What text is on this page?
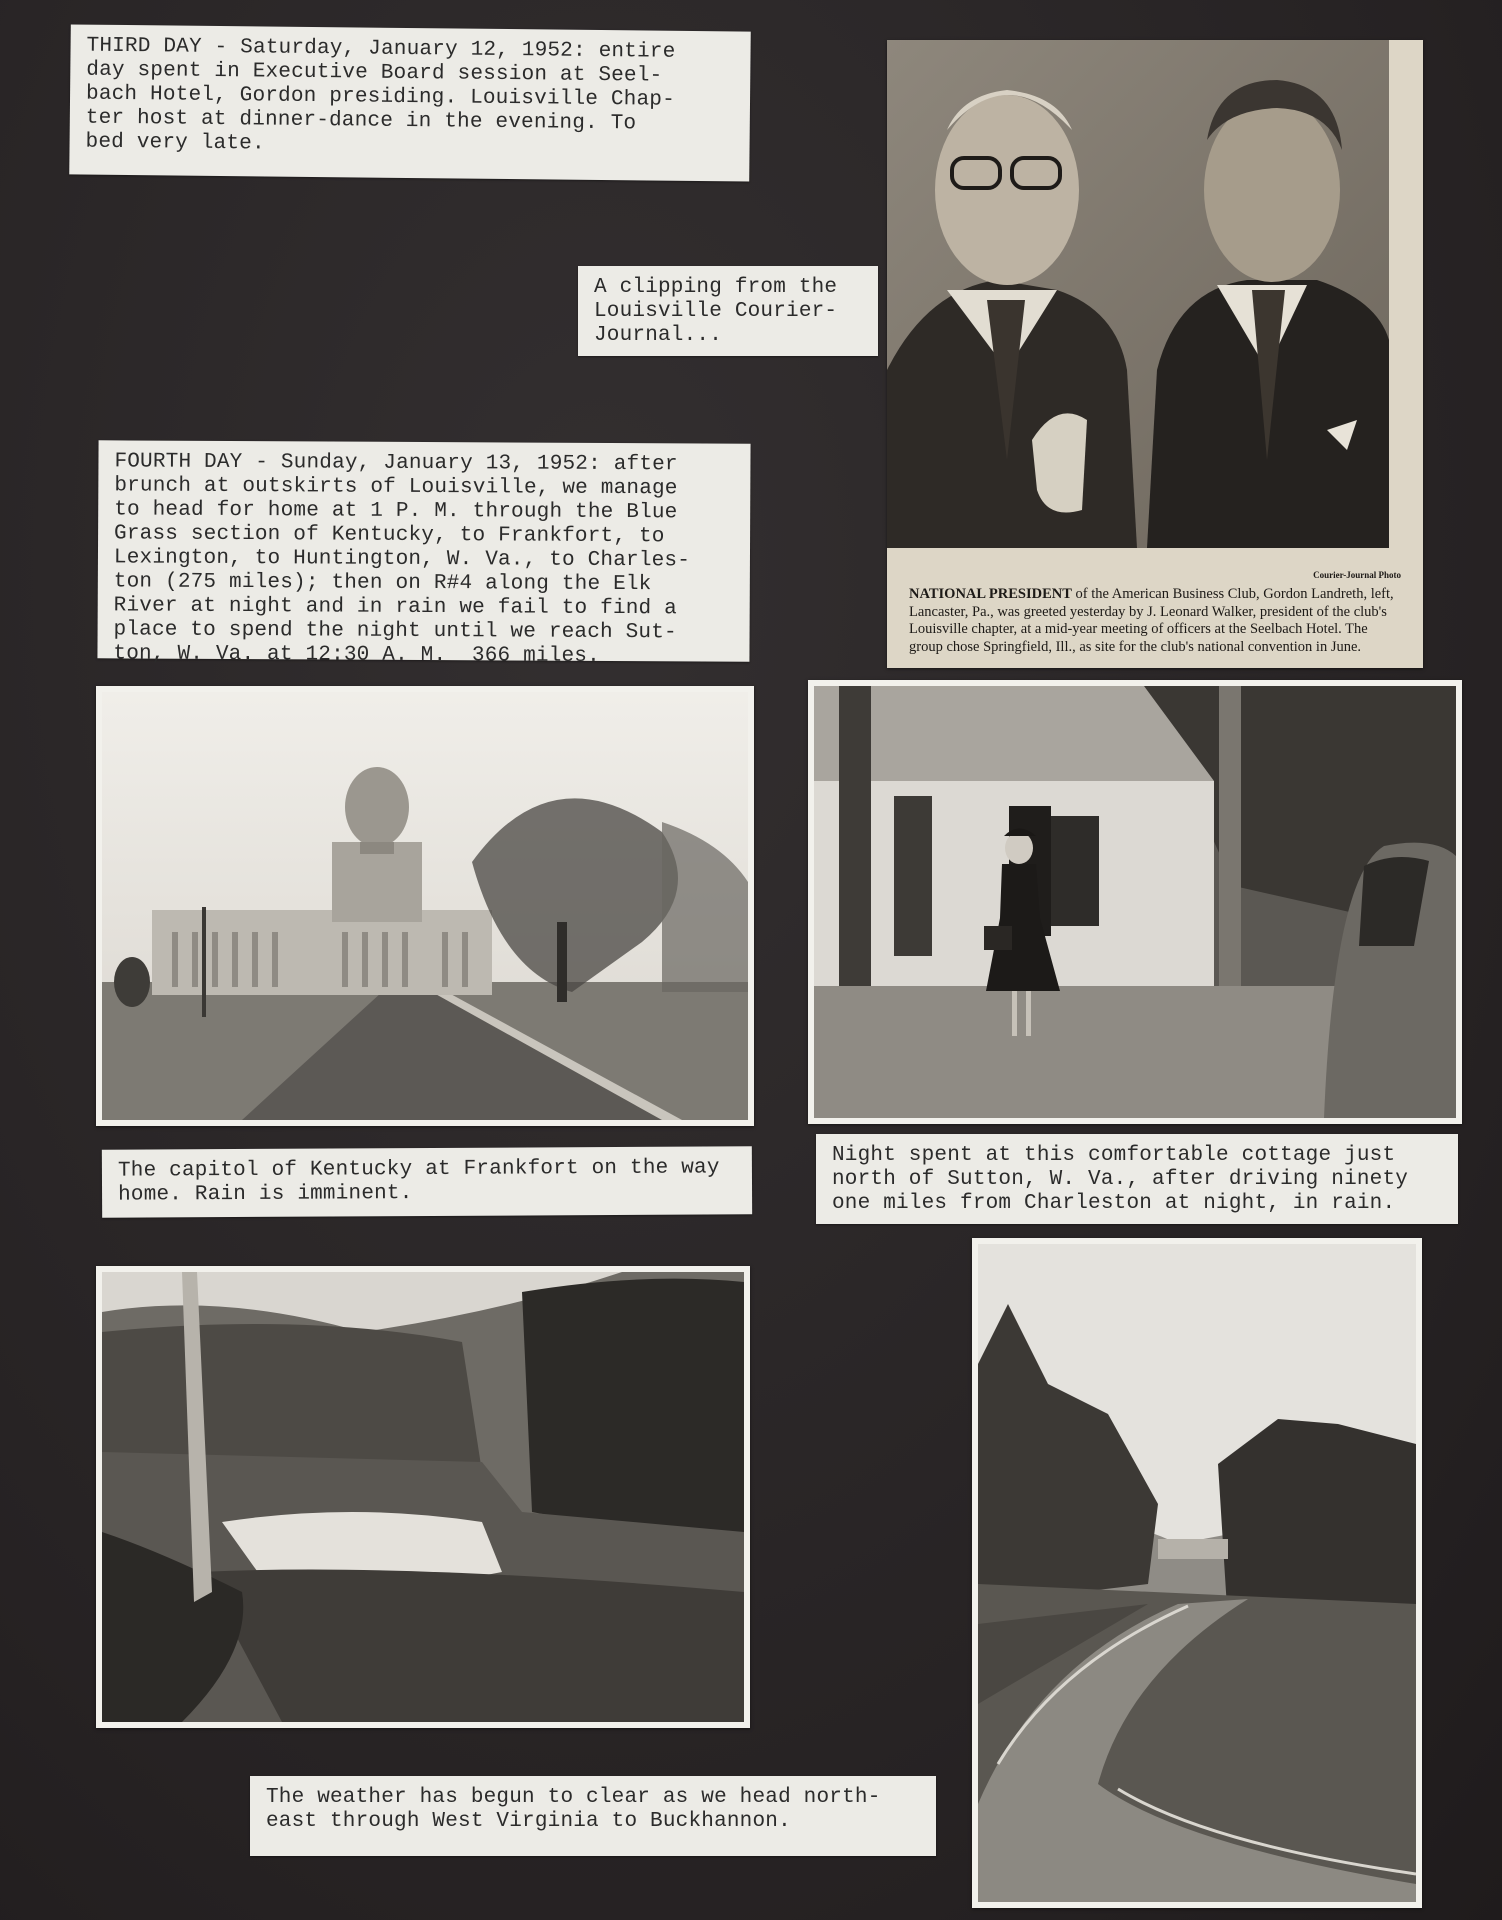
THIRD DAY - Saturday, January 12, 1952: entire
day spent in Executive Board session at Seel-
bach Hotel, Gordon presiding. Louisville Chap-
ter host at dinner-dance in the evening. To
bed very late.
A clipping from the
Louisville Courier-
Journal...
Courier-Journal Photo
NATIONAL PRESIDENT of the American Business Club, Gordon Landreth, left, Lancaster, Pa., was greeted yesterday by J. Leonard Walker, president of the club's Louisville chapter, at a mid-year meeting of officers at the Seelbach Hotel. The group chose Springfield, Ill., as site for the club's national convention in June.
FOURTH DAY - Sunday, January 13, 1952: after
brunch at outskirts of Louisville, we manage
to head for home at 1 P. M. through the Blue
Grass section of Kentucky, to Frankfort, to
Lexington, to Huntington, W. Va., to Charles-
ton (275 miles); then on R#4 along the Elk
River at night and in rain we fail to find a
place to spend the night until we reach Sut-
ton, W. Va. at 12:30 A. M.  366 miles.
The capitol of Kentucky at Frankfort on the way
home. Rain is imminent.
Night spent at this comfortable cottage just
north of Sutton, W. Va., after driving ninety
one miles from Charleston at night, in rain.
The weather has begun to clear as we head north-
east through West Virginia to Buckhannon.
